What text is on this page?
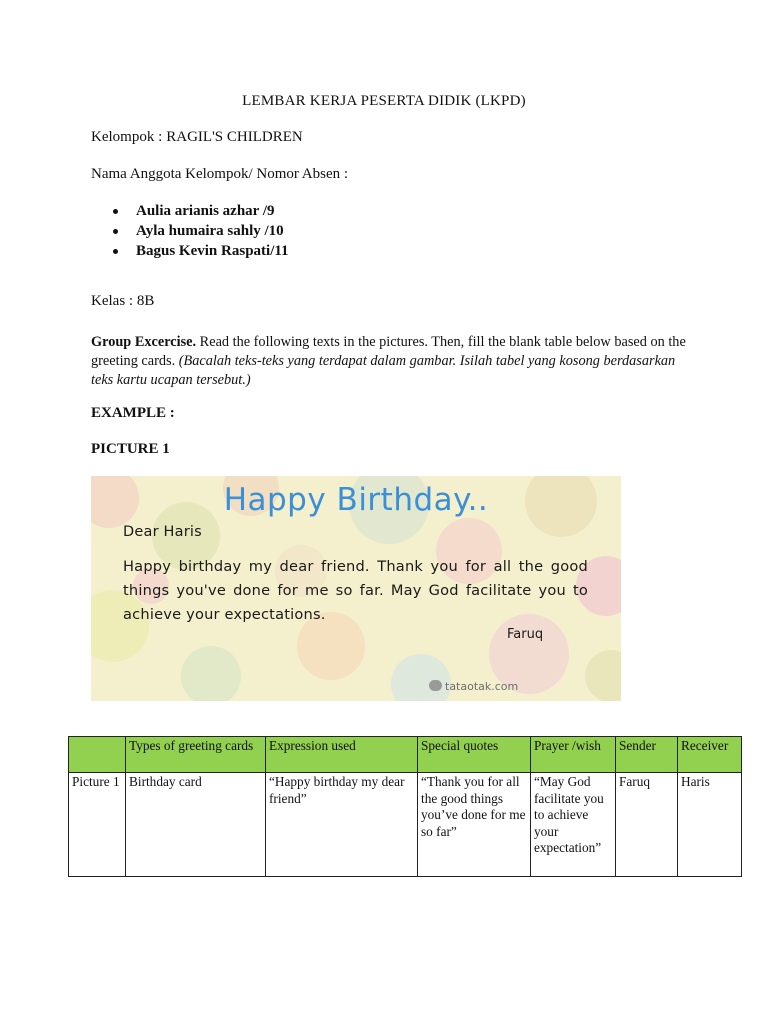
LEMBAR KERJA PESERTA DIDIK (LKPD)
Kelompok : RAGIL'S CHILDREN
Nama Anggota Kelompok/ Nomor Absen :
Aulia arianis azhar /9
Ayla humaira sahly /10
Bagus Kevin Raspati/11
Kelas : 8B
Group Excercise. Read the following texts in the pictures. Then, fill the blank table below based on the greeting cards. (Bacalah teks-teks yang terdapat dalam gambar. Isilah tabel yang kosong berdasarkan teks kartu ucapan tersebut.)
EXAMPLE :
PICTURE 1
Happy Birthday..
Dear Haris
Happy birthday my dear friend. Thank you for all the good things you've done for me so far. May God facilitate you to achieve your expectations.
Faruq
tataotak.com
	Types of greeting cards	Expression used	Special quotes	Prayer /wish	Sender	Receiver
Picture 1	Birthday card	“Happy birthday my dear friend”	“Thank you for all the good things you’ve done for me so far”	“May God facilitate you to achieve your expectation”	Faruq	Haris
